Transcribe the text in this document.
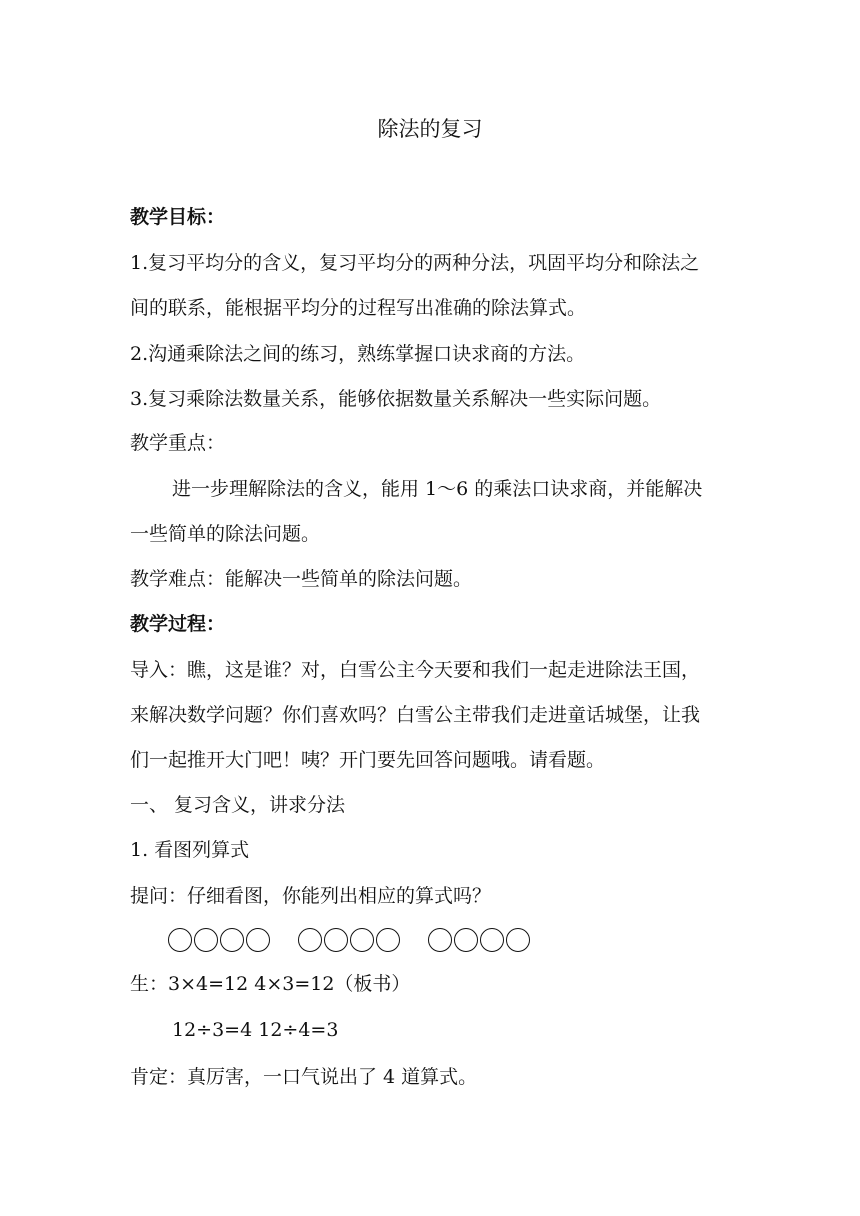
除法的复习
教学目标：
1.复习平均分的含义，复习平均分的两种分法，巩固平均分和除法之
间的联系，能根据平均分的过程写出准确的除法算式。
2.沟通乘除法之间的练习，熟练掌握口诀求商的方法。
3.复习乘除法数量关系，能够依据数量关系解决一些实际问题。
教学重点：
进一步理解除法的含义，能用 1～6 的乘法口诀求商，并能解决
一些简单的除法问题。
教学难点：能解决一些简单的除法问题。
教学过程：
导入：瞧，这是谁？对，白雪公主今天要和我们一起走进除法王国，
来解决数学问题？你们喜欢吗？白雪公主带我们走进童话城堡，让我
们一起推开大门吧！咦？开门要先回答问题哦。请看题。
一、 复习含义，讲求分法
1. 看图列算式
提问：仔细看图，你能列出相应的算式吗？
生：3×4=12 4×3=12（板书）
12÷3=4 12÷4=3
肯定：真厉害，一口气说出了 4 道算式。
